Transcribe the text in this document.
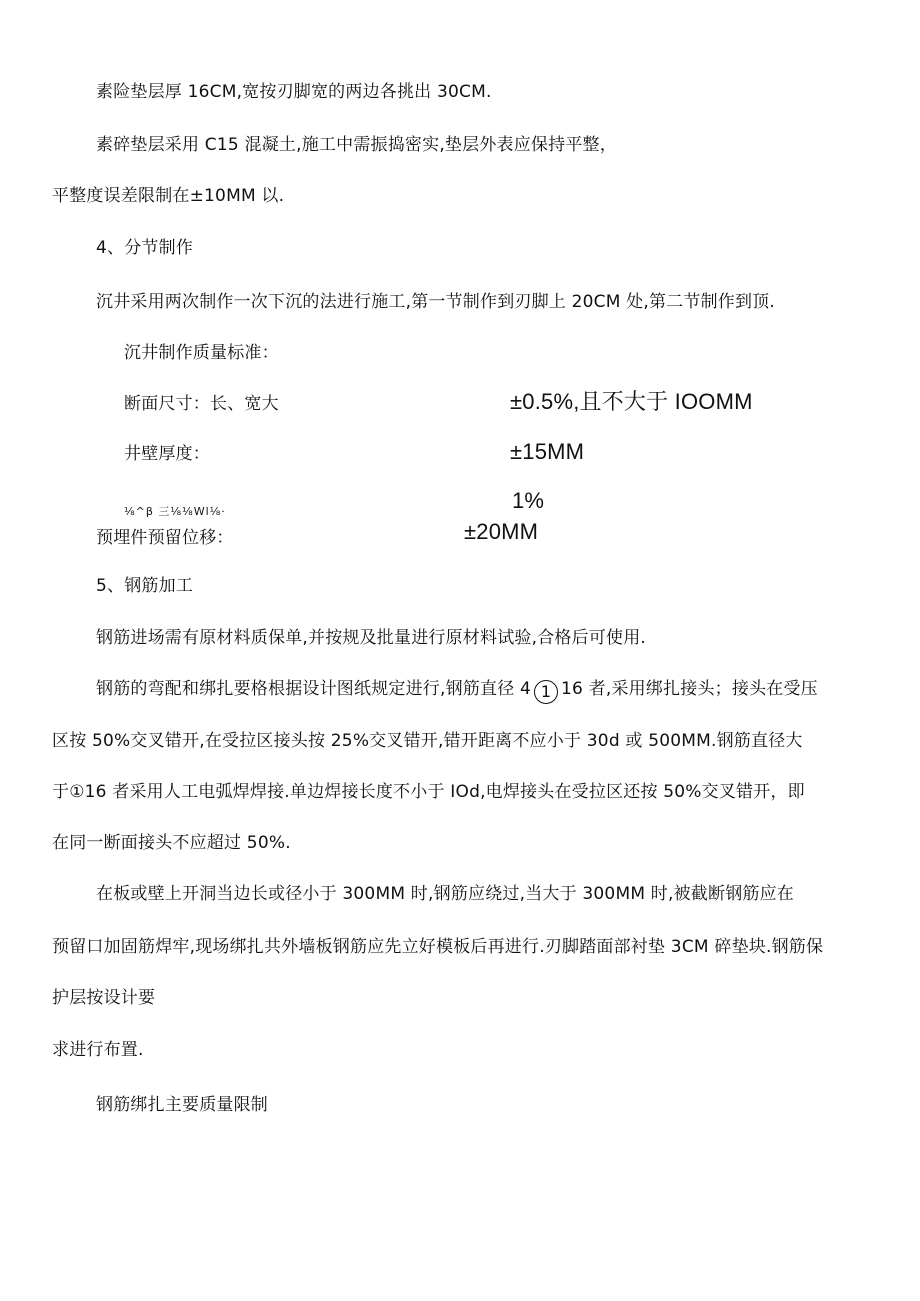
素险垫层厚 16CM,宽按刃脚宽的两边各挑出 30CM.
素碎垫层采用 C15 混凝土,施工中需振捣密实,垫层外表应保持平整，
平整度误差限制在±10MM 以.
4、分节制作
沉井采用两次制作一次下沉的法进行施工,第一节制作到刃脚上 20CM 处,第二节制作到顶.
沉井制作质量标准：
断面尺寸：长、宽大	±0.5%,且不大于 IOOMM
井壁厚度：	±15MM
⅛^β 三⅛⅛Wl⅛·	1%
预埋件预留位移：	±20MM
5、钢筋加工
钢筋进场需有原材料质保单,并按规及批量进行原材料试验,合格后可使用.
钢筋的弯配和绑扎要格根据设计图纸规定进行,钢筋直径 4 1 16 者,采用绑扎接头；接头在受压
区按 50%交叉错开,在受拉区接头按 25%交叉错开,错开距离不应小于 30d 或 500MM.钢筋直径大
于①16 者采用人工电弧焊焊接.单边焊接长度不小于 IOd,电焊接头在受拉区还按 50%交叉错开，即
在同一断面接头不应超过 50%.
在板或壁上开洞当边长或径小于 300MM 时,钢筋应绕过,当大于 300MM 时,被截断钢筋应在
预留口加固筋焊牢,现场绑扎共外墙板钢筋应先立好模板后再进行.刃脚踏面部衬垫 3CM 碎垫块.钢筋保
护层按设计要
求进行布置.
钢筋绑扎主要质量限制
